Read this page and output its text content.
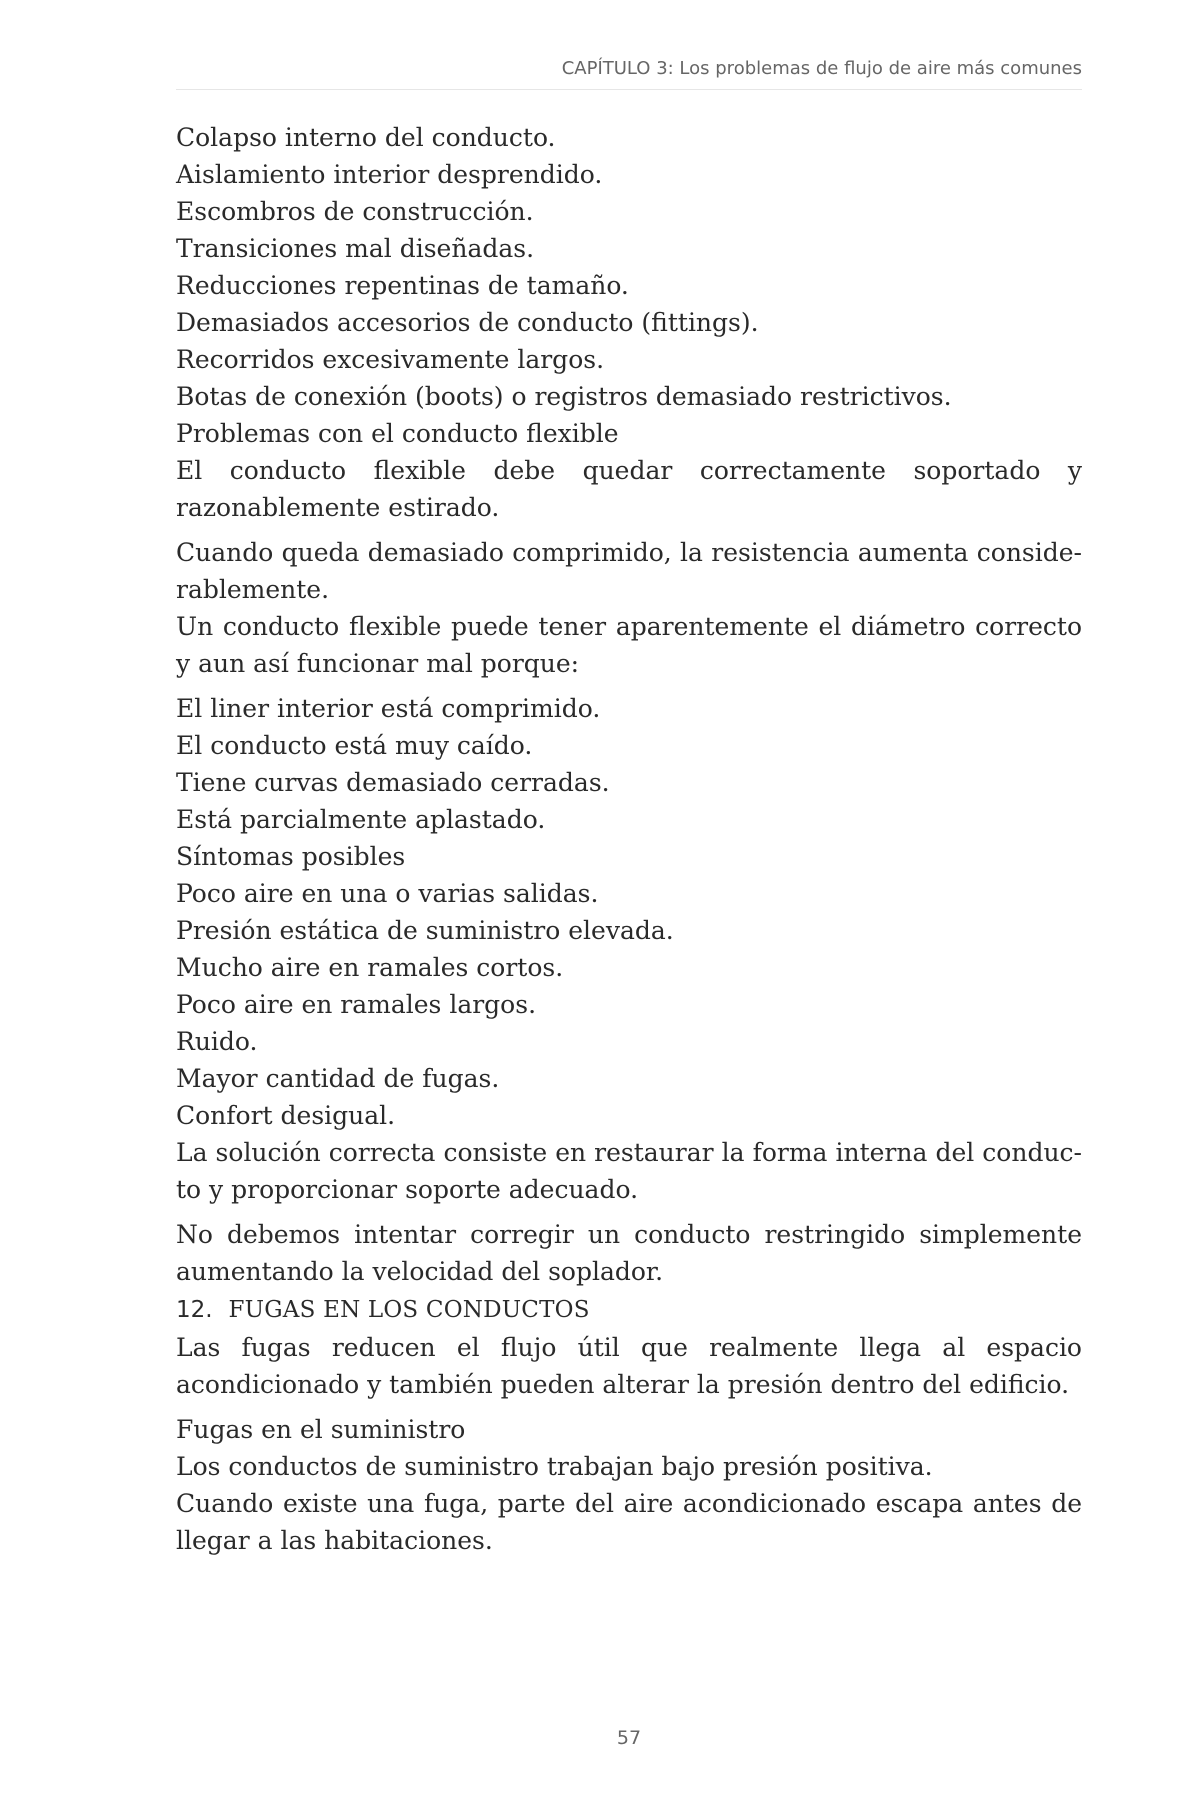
CAPÍTULO 3: Los problemas de flujo de aire más comunes

Colapso interno del conducto.

Aislamiento interior desprendido.

Escombros de construcción.

Transiciones mal diseñadas.

Reducciones repentinas de tamaño.

Demasiados accesorios de conducto (fittings).

Recorridos excesivamente largos.

Botas de conexión (boots) o registros demasiado restrictivos.

Problemas con el conducto flexible

El conducto flexible debe quedar correctamente soportado y razonablemente estirado.

Cuando queda demasiado comprimido, la resistencia aumenta considerablemente.

Un conducto flexible puede tener aparentemente el diámetro correcto y aun así funcionar mal porque:

El liner interior está comprimido.

El conducto está muy caído.

Tiene curvas demasiado cerradas.

Está parcialmente aplastado.

Síntomas posibles

Poco aire en una o varias salidas.

Presión estática de suministro elevada.

Mucho aire en ramales cortos.

Poco aire en ramales largos.

Ruido.

Mayor cantidad de fugas.

Confort desigual.

La solución correcta consiste en restaurar la forma interna del conducto y proporcionar soporte adecuado.

No debemos intentar corregir un conducto restringido simplemente aumentando la velocidad del soplador.

12. FUGAS EN LOS CONDUCTOS

Las fugas reducen el flujo útil que realmente llega al espacio acondicionado y también pueden alterar la presión dentro del edificio.

Fugas en el suministro

Los conductos de suministro trabajan bajo presión positiva.

Cuando existe una fuga, parte del aire acondicionado escapa antes de llegar a las habitaciones.

57
